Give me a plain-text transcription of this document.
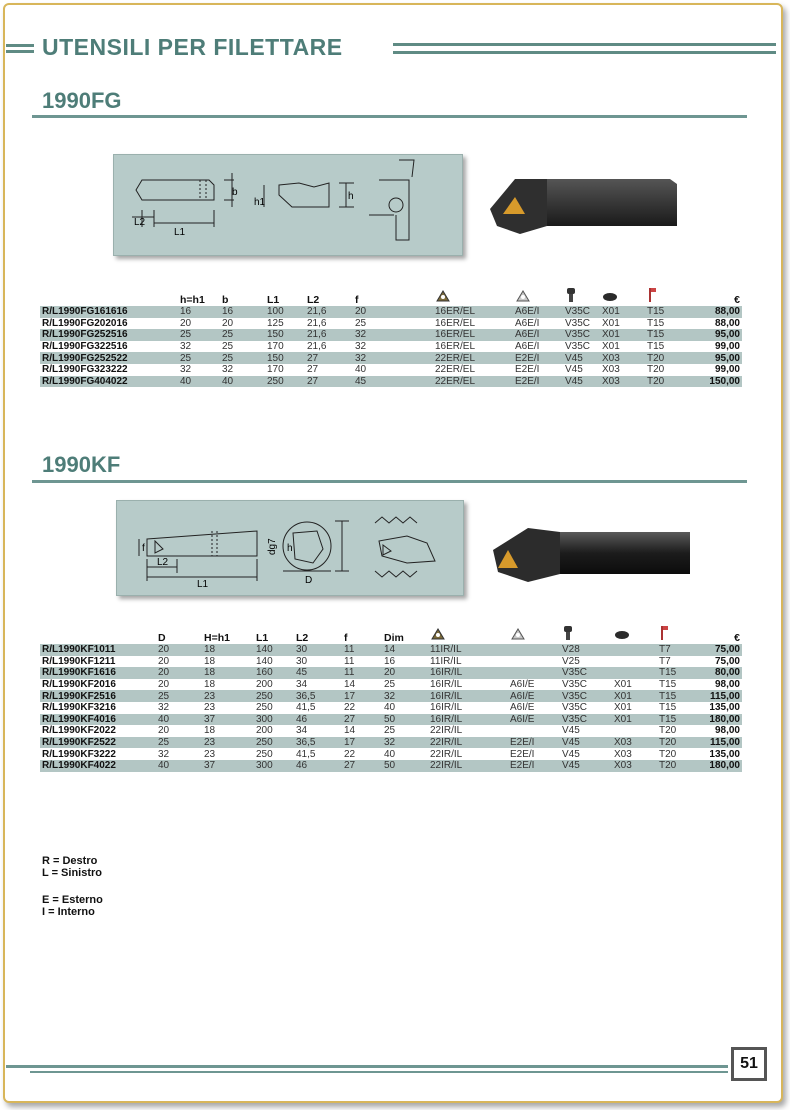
UTENSILI PER FILETTARE
1990FG
b
h1
h
L1
L2
	h=h1	b	L1	L2	f						€
R/L1990FG161616	16	16	100	21,6	20	16ER/EL	A6E/I	V35C	X01	T15	88,00
R/L1990FG202016	20	20	125	21,6	25	16ER/EL	A6E/I	V35C	X01	T15	88,00
R/L1990FG252516	25	25	150	21,6	32	16ER/EL	A6E/I	V35C	X01	T15	95,00
R/L1990FG322516	32	25	170	21,6	32	16ER/EL	A6E/I	V35C	X01	T15	99,00
R/L1990FG252522	25	25	150	27	32	22ER/EL	E2E/I	V45	X03	T20	95,00
R/L1990FG323222	32	32	170	27	40	22ER/EL	E2E/I	V45	X03	T20	99,00
R/L1990FG404022	40	40	250	27	45	22ER/EL	E2E/I	V45	X03	T20	150,00
1990KF
f	dg7 h
D
L1
L2
	D	H=h1	L1	L2	f	Dim						€
R/L1990KF1011	20	18	140	30	11	14	11IR/IL		V28		T7	75,00
R/L1990KF1211	20	18	140	30	11	16	11IR/IL		V25		T7	75,00
R/L1990KF1616	20	18	160	45	11	20	16IR/IL		V35C		T15	80,00
R/L1990KF2016	20	18	200	34	14	25	16IR/IL	A6I/E	V35C	X01	T15	98,00
R/L1990KF2516	25	23	250	36,5	17	32	16IR/IL	A6I/E	V35C	X01	T15	115,00
R/L1990KF3216	32	23	250	41,5	22	40	16IR/IL	A6I/E	V35C	X01	T15	135,00
R/L1990KF4016	40	37	300	46	27	50	16IR/IL	A6I/E	V35C	X01	T15	180,00
R/L1990KF2022	20	18	200	34	14	25	22IR/IL		V45		T20	98,00
R/L1990KF2522	25	23	250	36,5	17	32	22IR/IL	E2E/I	V45	X03	T20	115,00
R/L1990KF3222	32	23	250	41,5	22	40	22IR/IL	E2E/I	V45	X03	T20	135,00
R/L1990KF4022	40	37	300	46	27	50	22IR/IL	E2E/I	V45	X03	T20	180,00
R = Destro
L = Sinistro
E = Esterno
I = Interno
51
